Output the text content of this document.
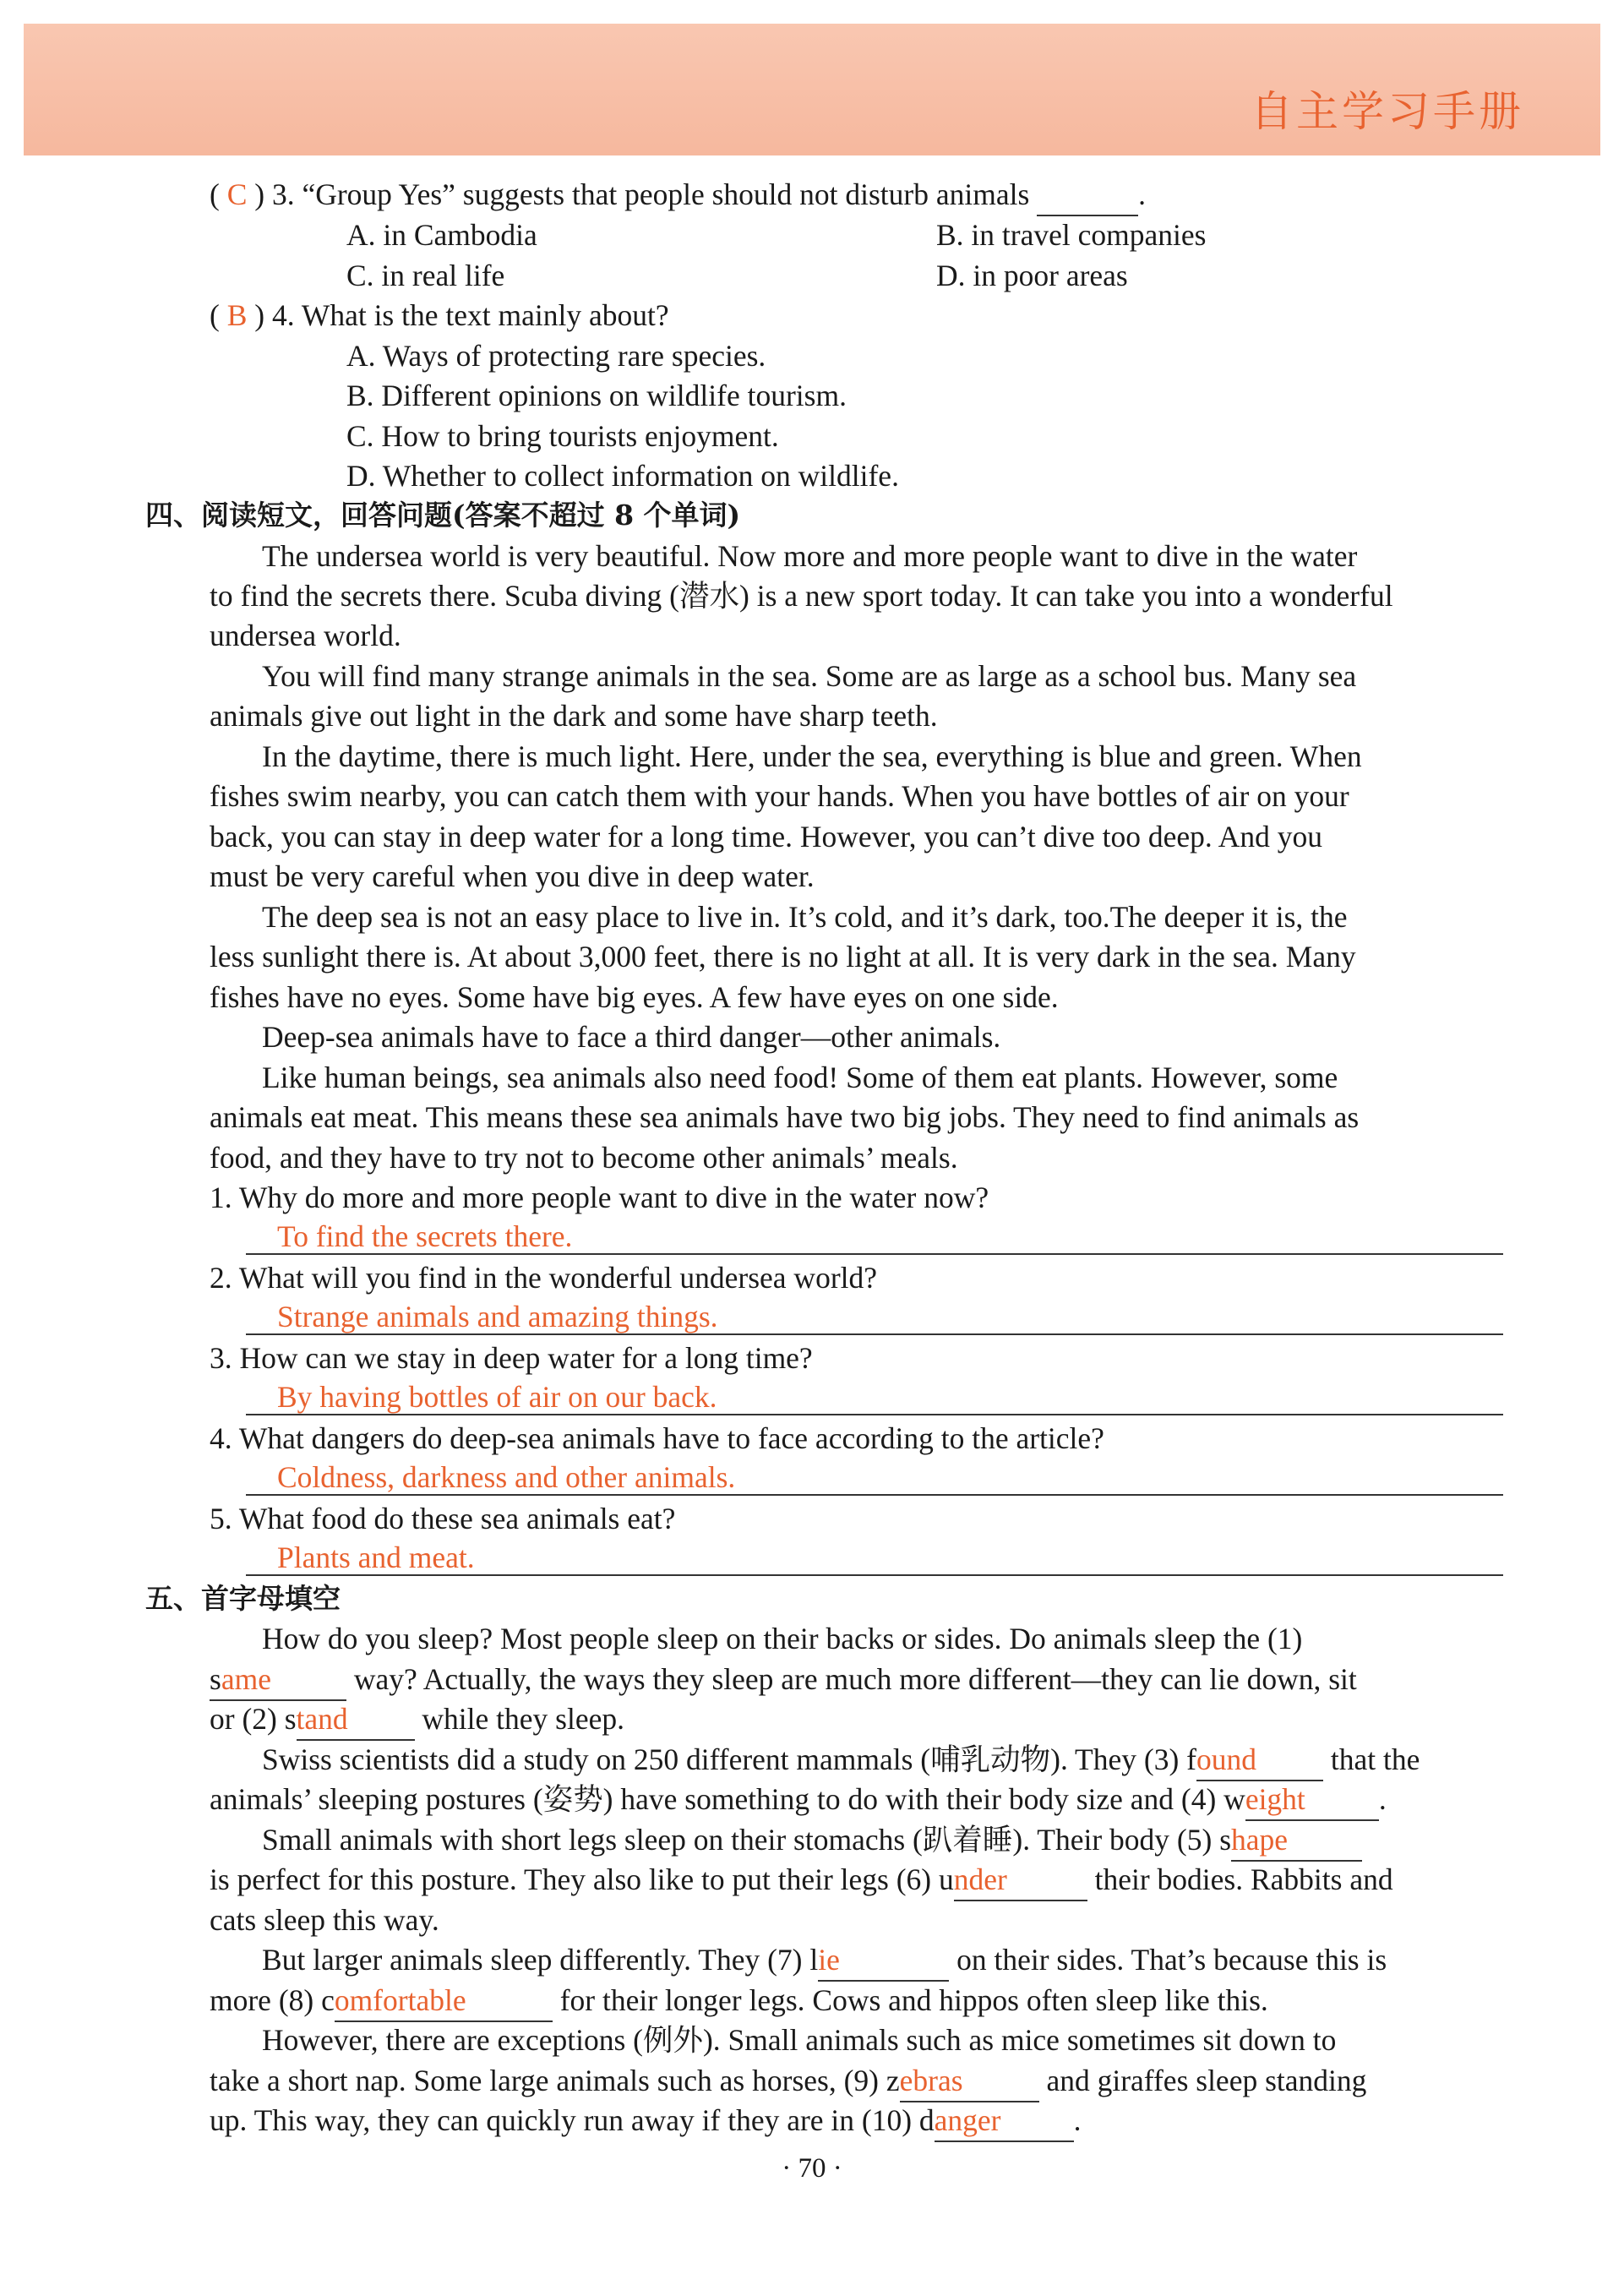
自主学习手册
( C ) 3. “Group Yes” suggests that people should not disturb animals	.
A. in Cambodia	B. in travel companies
C. in real life	D. in poor areas
( B ) 4. What is the text mainly about?
A. Ways of protecting rare species.
B. Different opinions on wildlife tourism.
C. How to bring tourists enjoyment.
D. Whether to collect information on wildlife.
四、阅读短文，回答问题(答案不超过 8 个单词)
The undersea world is very beautiful. Now more and more people want to dive in the water
to find the secrets there. Scuba diving (潜水) is a new sport today. It can take you into a wonderful
undersea world.
You will find many strange animals in the sea. Some are as large as a school bus. Many sea
animals give out light in the dark and some have sharp teeth.
In the daytime, there is much light. Here, under the sea, everything is blue and green. When
fishes swim nearby, you can catch them with your hands. When you have bottles of air on your
back, you can stay in deep water for a long time. However, you can’t dive too deep. And you
must be very careful when you dive in deep water.
The deep sea is not an easy place to live in. It’s cold, and it’s dark, too.The deeper it is, the
less sunlight there is. At about 3,000 feet, there is no light at all. It is very dark in the sea. Many
fishes have no eyes. Some have big eyes. A few have eyes on one side.
Deep-sea animals have to face a third danger—other animals.
Like human beings, sea animals also need food! Some of them eat plants. However, some
animals eat meat. This means these sea animals have two big jobs. They need to find animals as
food, and they have to try not to become other animals’ meals.
1. Why do more and more people want to dive in the water now?
To find the secrets there.
2. What will you find in the wonderful undersea world?
Strange animals and amazing things.
3. How can we stay in deep water for a long time?
By having bottles of air on our back.
4. What dangers do deep-sea animals have to face according to the article?
Coldness, darkness and other animals.
5. What food do these sea animals eat?
Plants and meat.
五、首字母填空
How do you sleep? Most people sleep on their backs or sides. Do animals sleep the (1)
same	way? Actually, the ways they sleep are much more different—they can lie down, sit
or (2) stand while they sleep.
Swiss scientists did a study on 250 different mammals (哺乳动物). They (3) found that the
animals’ sleeping postures (姿势) have something to do with their body size and (4) weight .
Small animals with short legs sleep on their stomachs (趴着睡). Their body (5) shape
is perfect for this posture. They also like to put their legs (6) under	their bodies. Rabbits and
cats sleep this way.
But larger animals sleep differently. They (7) lie	on their sides. That’s because this is
more (8) comfortable	for their longer legs. Cows and hippos often sleep like this.
However, there are exceptions (例外). Small animals such as mice sometimes sit down to
take a short nap. Some large animals such as horses, (9) zebras	and giraffes sleep standing
up. This way, they can quickly run away if they are in (10) danger .
· 70 ·
